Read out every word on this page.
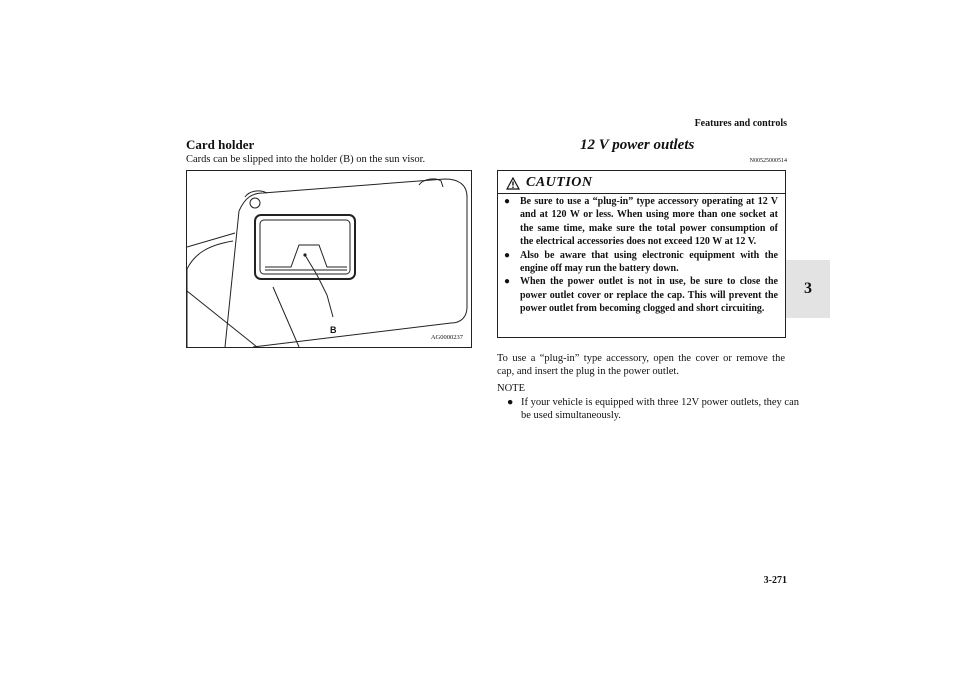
Features and controls
3
Card holder
Cards can be slipped into the holder (B) on the sun visor.
B
AG0000237
12 V power outlets
N00525000514
CAUTION
● Be sure to use a “plug-in” type accessory operating at 12 V and at 120 W or less. When using more than one socket at the same time, make sure the total power consumption of the electrical accessories does not exceed 120 W at 12 V.
● Also be aware that using electronic equipment with the engine off may run the battery down.
● When the power outlet is not in use, be sure to close the power outlet cover or replace the cap. This will prevent the power outlet from becoming clogged and short circuiting.
To use a “plug-in” type accessory, open the cover or remove the cap, and insert the plug in the power outlet.
NOTE
● If your vehicle is equipped with three 12V power outlets, they can be used simultaneously.
3-271
